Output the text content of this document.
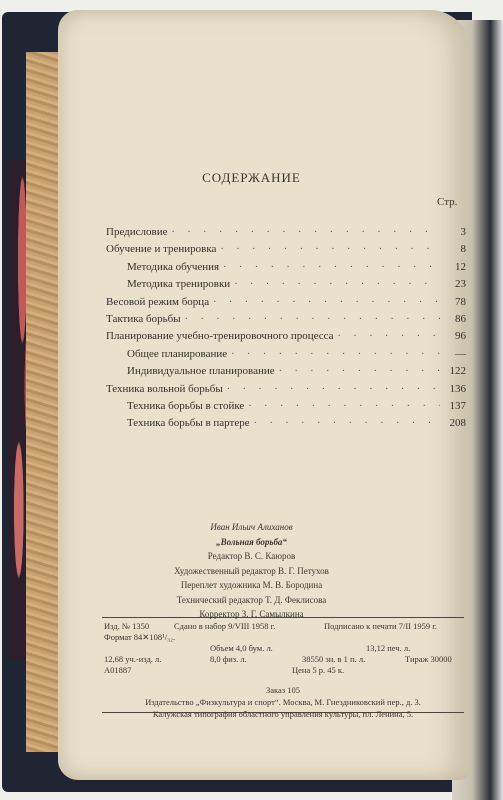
СОДЕРЖАНИЕ
Стр.
Предисловие · · ·	3
Обучение и тренировка · · ·	8
Методика обучения · · ·	12
Методика тренировки · · ·	23
Весовой режим борца · · ·	78
Тактика борьбы · · ·	86
Планирование учебно-тренировочного процесса · · ·	96
Общее планирование · · ·	—
Индивидуальное планирование · · ·	122
Техника вольной борьбы · · ·	136
Техника борьбы в стойке · · ·	137
Техника борьбы в партере · · ·	208
Иван Ильич Алиханов
„Вольная борьба“
Редактор В. С. Каюров
Художественный редактор В. Г. Петухов
Переплет художника М. В. Бородина
Технический редактор Т. Д. Фeклисова
Корректор З. Г. Самылкина
Изд. № 1350	Сдано в набор 9/VIII 1958 г.	Подписано к печати 7/II 1959 г.
Формат 84✕108¹/₃₂.
Объем 4,0 бум. л.	13,12 печ. л.
12,68 уч.-изд. л.	8,0 физ. л.	38550 зн. в 1 п. л.	Тираж 30000
А01887	Цена 5 р. 45 к.
Заказ 105
Издательство „Физкультура и спорт“. Москва, М. Гнездниковский пер., д. 3.
Калужская типография областного управления культуры, пл. Ленина, 5.
